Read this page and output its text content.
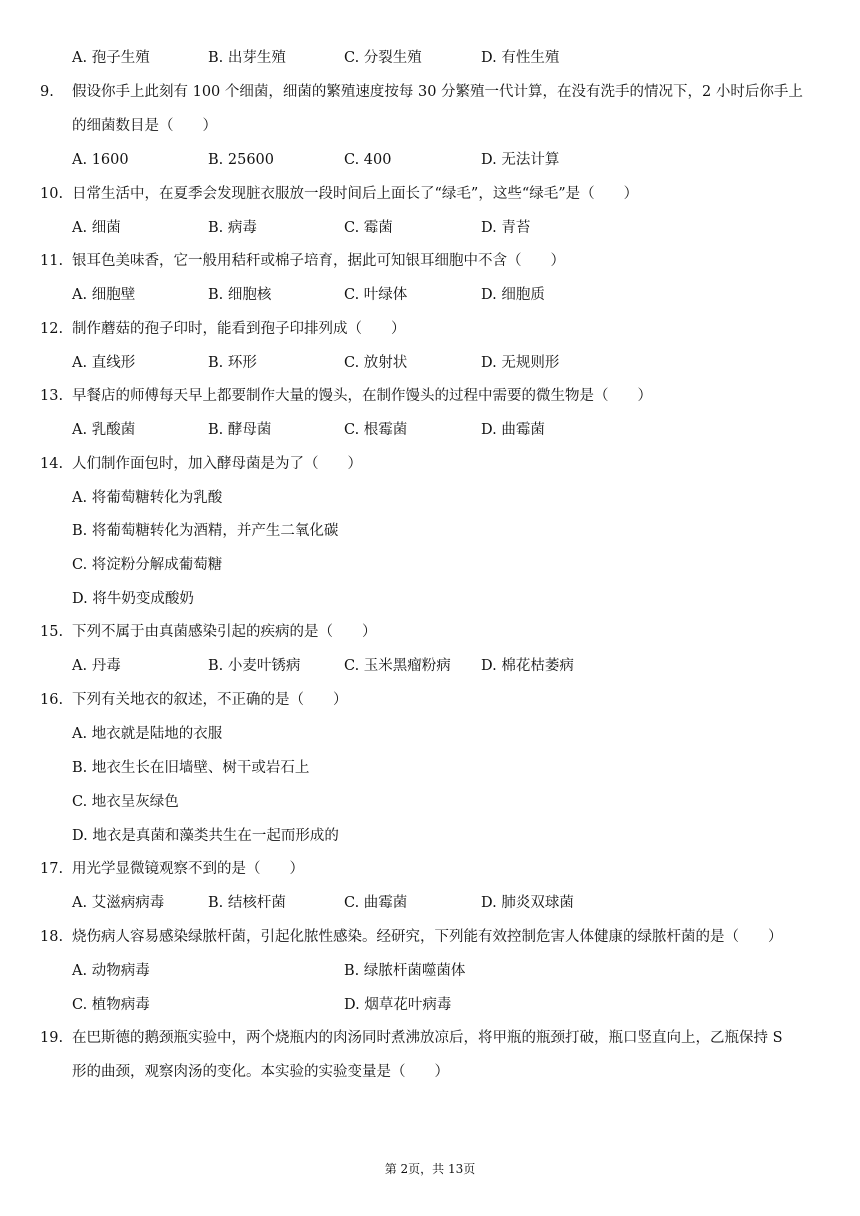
A. 孢子生殖	B. 出芽生殖	C. 分裂生殖	D. 有性生殖
9. 假设你手上此刻有 100 个细菌，细菌的繁殖速度按每 30 分繁殖一代计算，在没有洗手的情况下，2 小时后你手上
的细菌数目是（　　）
A. 1600	B. 25600	C. 400	D. 无法计算
10. 日常生活中，在夏季会发现脏衣服放一段时间后上面长了“绿毛”，这些“绿毛”是（　　）
A. 细菌	B. 病毒	C. 霉菌	D. 青苔
11. 银耳色美味香，它一般用秸秆或棉子培育，据此可知银耳细胞中不含（　　）
A. 细胞壁	B. 细胞核	C. 叶绿体	D. 细胞质
12. 制作蘑菇的孢子印时，能看到孢子印排列成（　　）
A. 直线形	B. 环形	C. 放射状	D. 无规则形
13. 早餐店的师傅每天早上都要制作大量的馒头，在制作馒头的过程中需要的微生物是（　　）
A. 乳酸菌	B. 酵母菌	C. 根霉菌	D. 曲霉菌
14. 人们制作面包时，加入酵母菌是为了（　　）
A. 将葡萄糖转化为乳酸
B. 将葡萄糖转化为酒精，并产生二氧化碳
C. 将淀粉分解成葡萄糖
D. 将牛奶变成酸奶
15. 下列不属于由真菌感染引起的疾病的是（　　）
A. 丹毒	B. 小麦叶锈病	C. 玉米黑瘤粉病 D. 棉花枯萎病
16. 下列有关地衣的叙述，不正确的是（　　）
A. 地衣就是陆地的衣服
B. 地衣生长在旧墙壁、树干或岩石上
C. 地衣呈灰绿色
D. 地衣是真菌和藻类共生在一起而形成的
17. 用光学显微镜观察不到的是（　　）
A. 艾滋病病毒	B. 结核杆菌	C. 曲霉菌	D. 肺炎双球菌
18. 烧伤病人容易感染绿脓杆菌，引起化脓性感染。经研究，下列能有效控制危害人体健康的绿脓杆菌的是（　　）
A. 动物病毒	B. 绿脓杆菌噬菌体
C. 植物病毒	D. 烟草花叶病毒
19. 在巴斯德的鹅颈瓶实验中，两个烧瓶内的肉汤同时煮沸放凉后，将甲瓶的瓶颈打破，瓶口竖直向上，乙瓶保持 S
形的曲颈，观察肉汤的变化。本实验的实验变量是（　　）
第 2页，共 13页
